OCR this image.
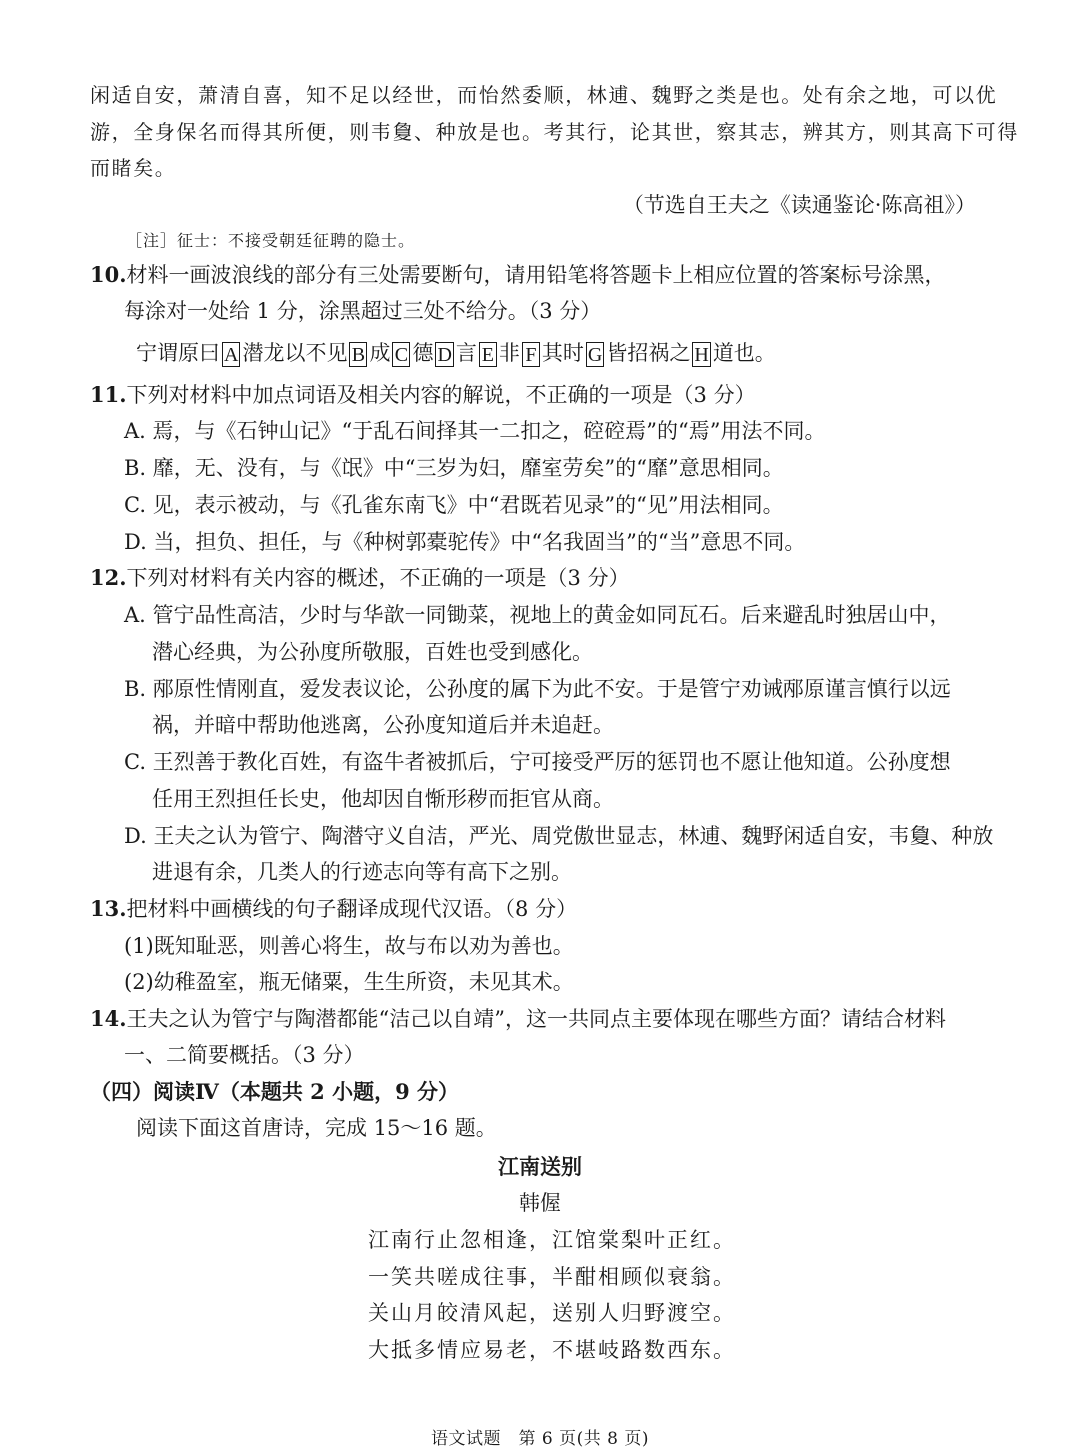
闲适自安，萧清自喜，知不足以经世，而怡然委顺，林逋、魏野之类是也。处有余之地，可以优
游，全身保名而得其所便，则韦敻、种放是也。考其行，论其世，察其志，辨其方，则其高下可得
而睹矣。
（节选自王夫之《读通鉴论·陈高祖》）
［注］征士：不接受朝廷征聘的隐士。
10.材料一画波浪线的部分有三处需要断句，请用铅笔将答题卡上相应位置的答案标号涂黑，
每涂对一处给 1 分，涂黑超过三处不给分。（3 分）
宁谓原曰 A 潜龙以不见 B 成 C 德 D 言 E 非 F 其时 G 皆招祸之 H 道也。
11.下列对材料中加点词语及相关内容的解说，不正确的一项是（3 分）
A. 焉，与《石钟山记》“于乱石间择其一二扣之，硿硿焉”的“焉”用法不同。
B. 靡，无、没有，与《氓》中“三岁为妇，靡室劳矣”的“靡”意思相同。
C. 见，表示被动，与《孔雀东南飞》中“君既若见录”的“见”用法相同。
D. 当，担负、担任，与《种树郭橐驼传》中“名我固当”的“当”意思不同。
12.下列对材料有关内容的概述，不正确的一项是（3 分）
A. 管宁品性高洁，少时与华歆一同锄菜，视地上的黄金如同瓦石。后来避乱时独居山中，
潜心经典，为公孙度所敬服，百姓也受到感化。
B. 邴原性情刚直，爱发表议论，公孙度的属下为此不安。于是管宁劝诫邴原谨言慎行以远
祸，并暗中帮助他逃离，公孙度知道后并未追赶。
C. 王烈善于教化百姓，有盗牛者被抓后，宁可接受严厉的惩罚也不愿让他知道。公孙度想
任用王烈担任长史，他却因自惭形秽而拒官从商。
D. 王夫之认为管宁、陶潜守义自洁，严光、周党傲世显志，林逋、魏野闲适自安，韦敻、种放
进退有余，几类人的行迹志向等有高下之别。
13.把材料中画横线的句子翻译成现代汉语。（8 分）
(1)既知耻恶，则善心将生，故与布以劝为善也。
(2)幼稚盈室，瓶无储粟，生生所资，未见其术。
14.王夫之认为管宁与陶潜都能“洁己以自靖”，这一共同点主要体现在哪些方面？请结合材料
一、二简要概括。（3 分）
（四）阅读Ⅳ（本题共 2 小题，9 分）
阅读下面这首唐诗，完成 15～16 题。
江南送别
韩偓
江南行止忽相逢，江馆棠梨叶正红。
一笑共嗟成往事，半酣相顾似衰翁。
关山月皎清风起，送别人归野渡空。
大抵多情应易老，不堪岐路数西东。
语文试题　第 6 页(共 8 页)
